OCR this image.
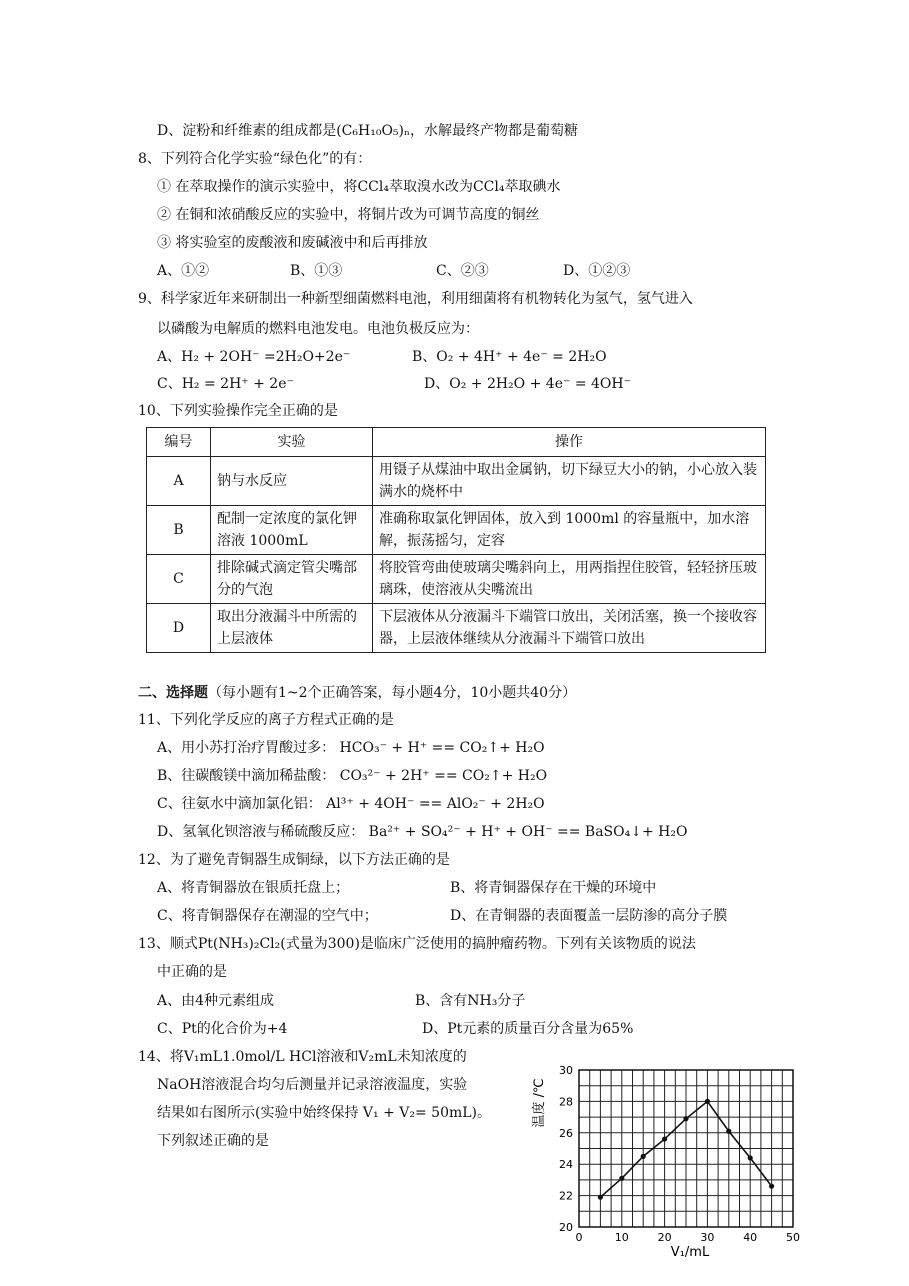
D、淀粉和纤维素的组成都是(C₆H₁₀O₅)ₙ，水解最终产物都是葡萄糖
8、下列符合化学实验“绿色化”的有：
① 在萃取操作的演示实验中，将CCl₄萃取溴水改为CCl₄萃取碘水
② 在铜和浓硝酸反应的实验中，将铜片改为可调节高度的铜丝
③ 将实验室的废酸液和废碱液中和后再排放
A、①②	B、①③	C、②③	D、①②③
9、科学家近年来研制出一种新型细菌燃料电池，利用细菌将有机物转化为氢气，氢气进入
以磷酸为电解质的燃料电池发电。电池负极反应为：
A、H₂ + 2OH⁻ =2H₂O+2e⁻	B、O₂ + 4H⁺ + 4e⁻ = 2H₂O
C、H₂ = 2H⁺ + 2e⁻	D、O₂ + 2H₂O + 4e⁻ = 4OH⁻
10、下列实验操作完全正确的是
编号	实验	操作
A	钠与水反应	用镊子从煤油中取出金属钠，切下绿豆大小的钠，小心放入装满水的烧杯中
B	配制一定浓度的氯化钾溶液 1000mL	准确称取氯化钾固体，放入到 1000ml 的容量瓶中，加水溶解，振荡摇匀，定容
C	排除碱式滴定管尖嘴部分的气泡	将胶管弯曲使玻璃尖嘴斜向上，用两指捏住胶管，轻轻挤压玻璃珠，使溶液从尖嘴流出
D	取出分液漏斗中所需的上层液体	下层液体从分液漏斗下端管口放出，关闭活塞，换一个接收容器，上层液体继续从分液漏斗下端管口放出
二、选择题（每小题有1~2个正确答案，每小题4分，10小题共40分）
11、下列化学反应的离子方程式正确的是
A、用小苏打治疗胃酸过多： HCO₃⁻ + H⁺ == CO₂↑+ H₂O
B、往碳酸镁中滴加稀盐酸： CO₃²⁻ + 2H⁺ == CO₂↑+ H₂O
C、往氨水中滴加氯化铝： Al³⁺ + 4OH⁻ == AlO₂⁻ + 2H₂O
D、氢氧化钡溶液与稀硫酸反应： Ba²⁺ + SO₄²⁻ + H⁺ + OH⁻ == BaSO₄↓+ H₂O
12、为了避免青铜器生成铜绿，以下方法正确的是
A、将青铜器放在银质托盘上；	B、将青铜器保存在干燥的环境中
C、将青铜器保存在潮湿的空气中；	D、在青铜器的表面覆盖一层防渗的高分子膜
13、顺式Pt(NH₃)₂Cl₂(式量为300)是临床广泛使用的搞肿瘤药物。下列有关该物质的说法
中正确的是
A、由4种元素组成	B、含有NH₃分子
C、Pt的化合价为+4	D、Pt元素的质量百分含量为65%
14、将V₁mL1.0mol/L HCl溶液和V₂mL未知浓度的
NaOH溶液混合均匀后测量并记录溶液温度，实验
结果如右图所示(实验中始终保持 V₁ + V₂= 50mL)。
下列叙述正确的是
0	10	20	30	40	50
20
22
24
26
28
30
温度 /℃
V₁/mL
